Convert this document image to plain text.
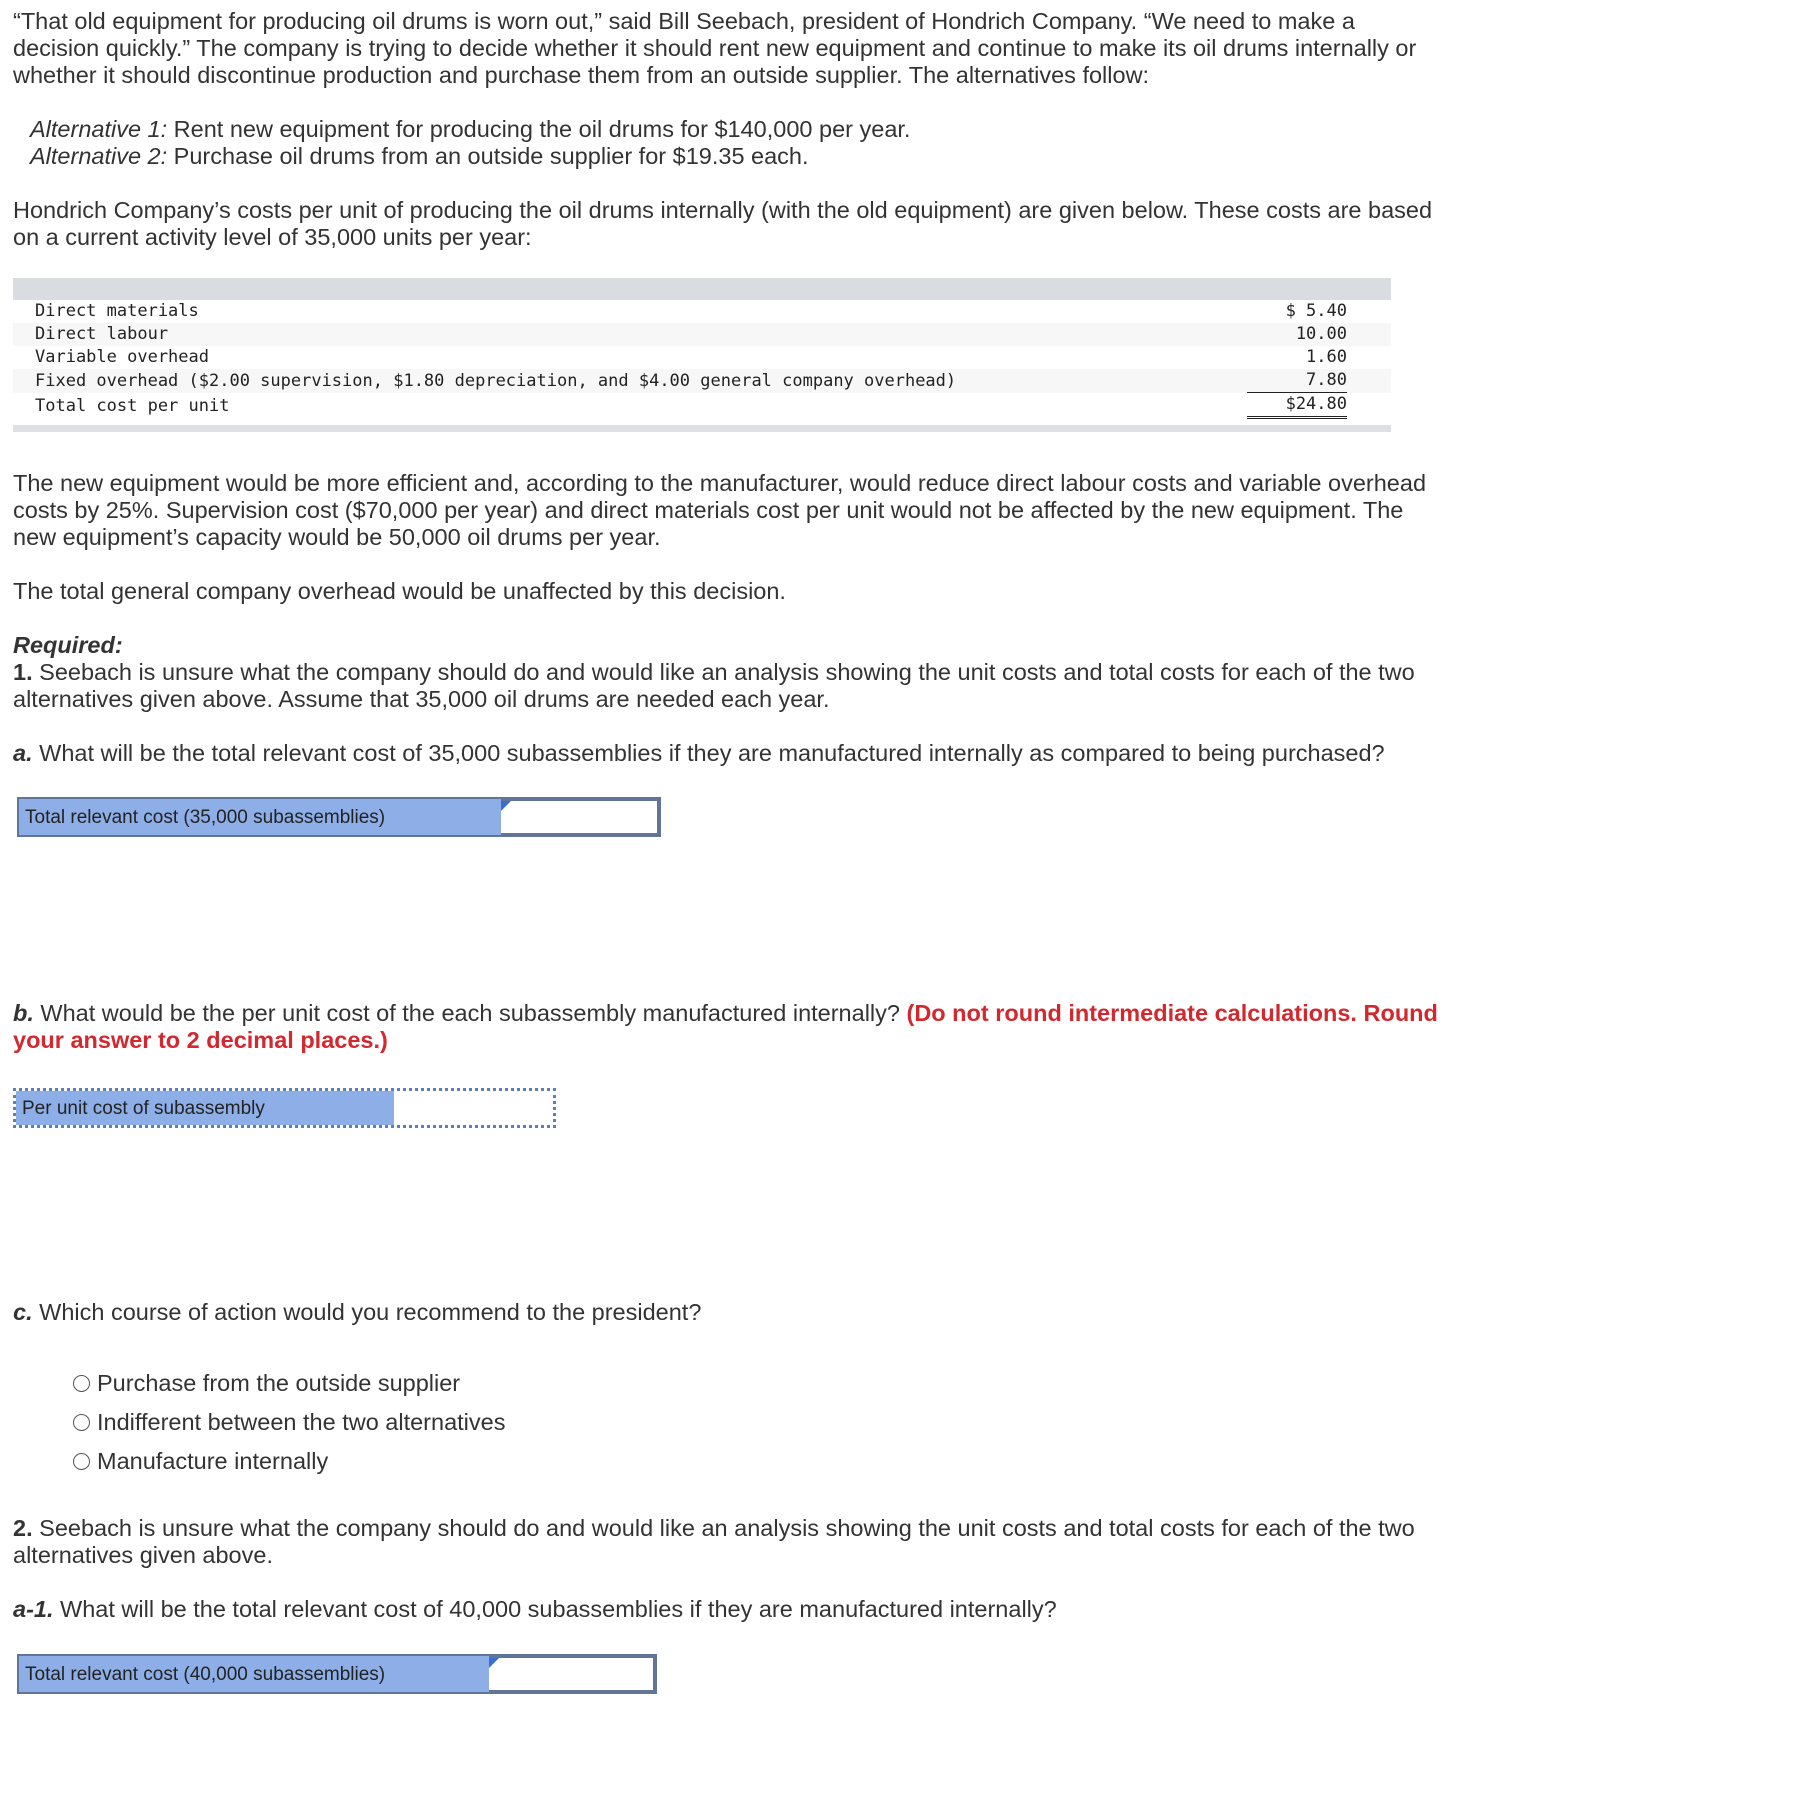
“That old equipment for producing oil drums is worn out,” said Bill Seebach, president of Hondrich Company. “We need to make a decision quickly.” The company is trying to decide whether it should rent new equipment and continue to make its oil drums internally or whether it should discontinue production and purchase them from an outside supplier. The alternatives follow:

Alternative 1: Rent new equipment for producing the oil drums for $140,000 per year.

Alternative 2: Purchase oil drums from an outside supplier for $19.35 each.

Hondrich Company’s costs per unit of producing the oil drums internally (with the old equipment) are given below. These costs are based on a current activity level of 35,000 units per year:

Direct materials	$ 5.40
Direct labour	10.00
Variable overhead	1.60
Fixed overhead ($2.00 supervision, $1.80 depreciation, and $4.00 general company overhead)	7.80
Total cost per unit	$24.80

The new equipment would be more efficient and, according to the manufacturer, would reduce direct labour costs and variable overhead costs by 25%. Supervision cost ($70,000 per year) and direct materials cost per unit would not be affected by the new equipment. The new equipment’s capacity would be 50,000 oil drums per year.

The total general company overhead would be unaffected by this decision.

Required:

1. Seebach is unsure what the company should do and would like an analysis showing the unit costs and total costs for each of the two alternatives given above. Assume that 35,000 oil drums are needed each year.

a. What will be the total relevant cost of 35,000 subassemblies if they are manufactured internally as compared to being purchased?

Total relevant cost (35,000 subassemblies)

b. What would be the per unit cost of the each subassembly manufactured internally? (Do not round intermediate calculations. Round your answer to 2 decimal places.)

Per unit cost of subassembly

c. Which course of action would you recommend to the president?

Purchase from the outside supplier
Indifferent between the two alternatives
Manufacture internally

2. Seebach is unsure what the company should do and would like an analysis showing the unit costs and total costs for each of the two alternatives given above.

a-1. What will be the total relevant cost of 40,000 subassemblies if they are manufactured internally?

Total relevant cost (40,000 subassemblies)
